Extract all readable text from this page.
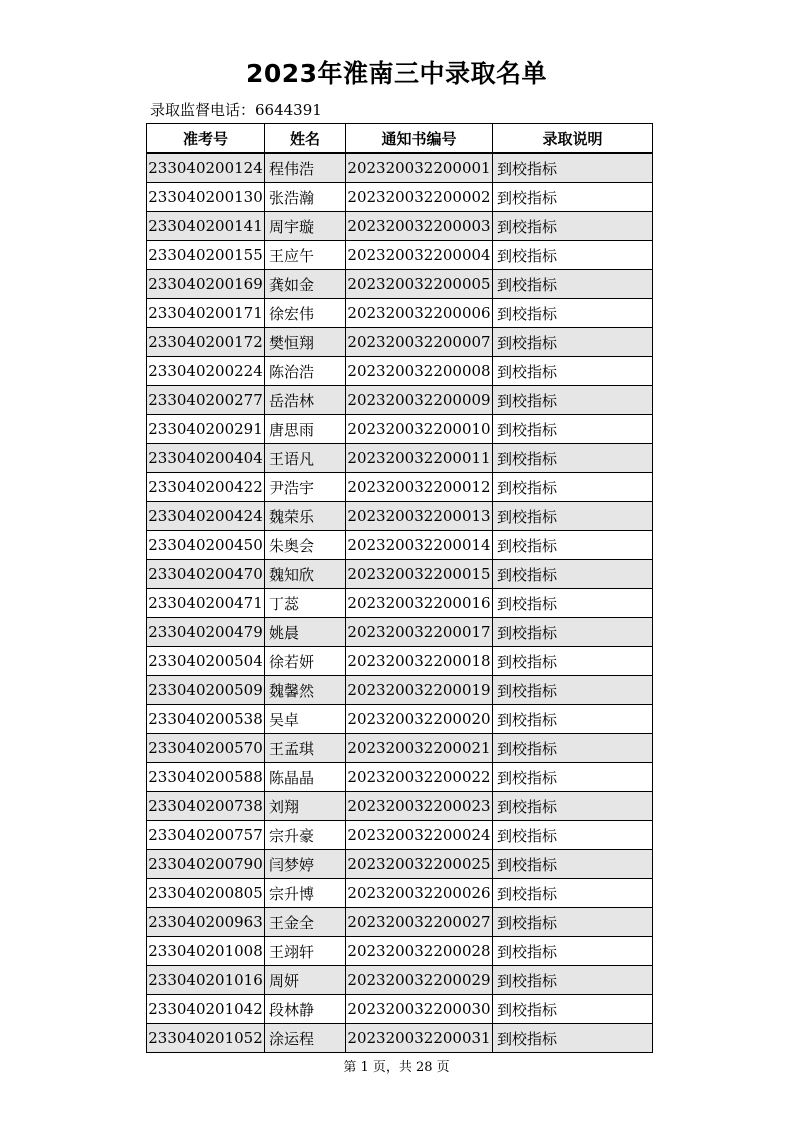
2023年淮南三中录取名单
录取监督电话：6644391
准考号	姓名	通知书编号	录取说明
233040200124	程伟浩	202320032200001	到校指标
233040200130	张浩瀚	202320032200002	到校指标
233040200141	周宇璇	202320032200003	到校指标
233040200155	王应午	202320032200004	到校指标
233040200169	龚如金	202320032200005	到校指标
233040200171	徐宏伟	202320032200006	到校指标
233040200172	樊恒翔	202320032200007	到校指标
233040200224	陈治浩	202320032200008	到校指标
233040200277	岳浩林	202320032200009	到校指标
233040200291	唐思雨	202320032200010	到校指标
233040200404	王语凡	202320032200011	到校指标
233040200422	尹浩宇	202320032200012	到校指标
233040200424	魏荣乐	202320032200013	到校指标
233040200450	朱奥会	202320032200014	到校指标
233040200470	魏知欣	202320032200015	到校指标
233040200471	丁蕊	202320032200016	到校指标
233040200479	姚晨	202320032200017	到校指标
233040200504	徐若妍	202320032200018	到校指标
233040200509	魏馨然	202320032200019	到校指标
233040200538	吴卓	202320032200020	到校指标
233040200570	王孟琪	202320032200021	到校指标
233040200588	陈晶晶	202320032200022	到校指标
233040200738	刘翔	202320032200023	到校指标
233040200757	宗升豪	202320032200024	到校指标
233040200790	闫梦婷	202320032200025	到校指标
233040200805	宗升博	202320032200026	到校指标
233040200963	王金全	202320032200027	到校指标
233040201008	王翊轩	202320032200028	到校指标
233040201016	周妍	202320032200029	到校指标
233040201042	段林静	202320032200030	到校指标
233040201052	涂运程	202320032200031	到校指标
第 1 页，共 28 页
